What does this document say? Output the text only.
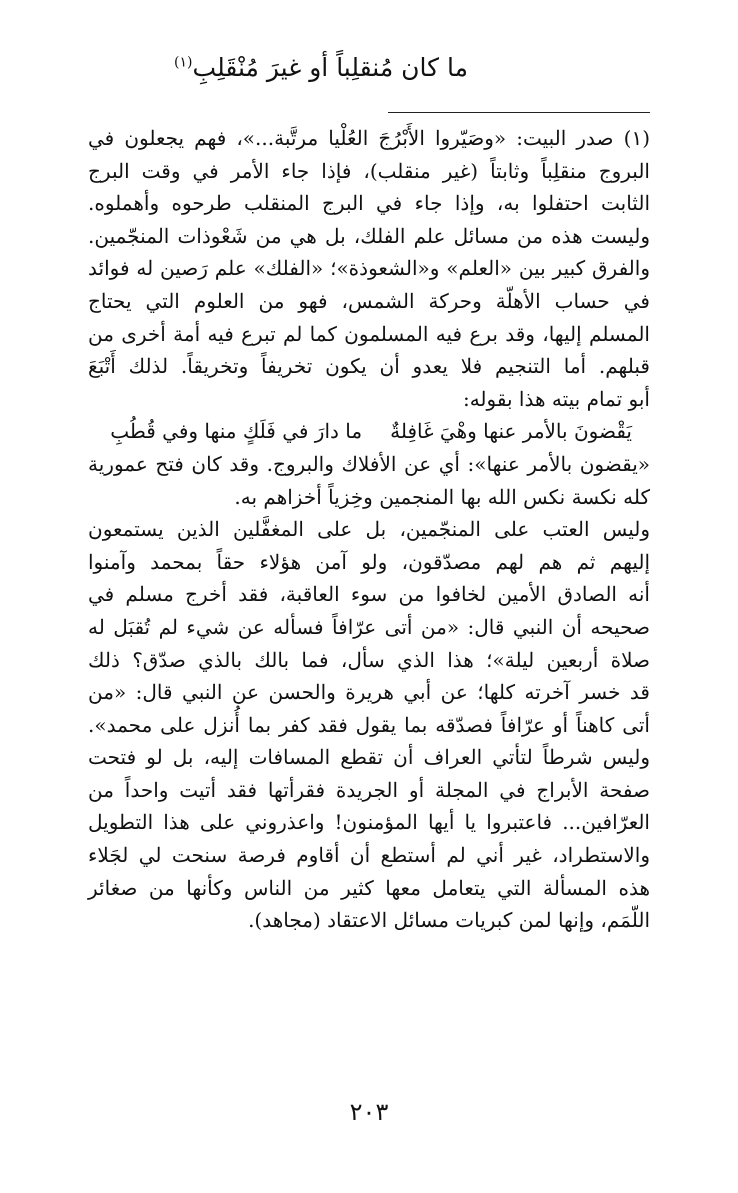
ما كان مُنقلِباً أو غيرَ مُنْقَلِبِ$^{(١)}$

(١) صدر البيت: «وصَيّروا الأَبْرُجَ العُلْيا مرتَّبة...»، فهم يجعلون في
البروج منقلِباً وثابتاً (غير منقلب)، فإذا جاء الأمر في وقت البرج
الثابت احتفلوا به، وإذا جاء في البرج المنقلب طرحوه وأهملوه.
وليست هذه من مسائل علم الفلك، بل هي من شَعْوذات المنجّمين.
والفرق كبير بين «العلم» و«الشعوذة»؛ «الفلك» علم رَصين له فوائد
في حساب الأهلّة وحركة الشمس، فهو من العلوم التي يحتاج
المسلم إليها، وقد برع فيه المسلمون كما لم تبرع فيه أمة أخرى من
قبلهم. أما التنجيم فلا يعدو أن يكون تخريفاً وتخريقاً. لذلك أَتْبَعَ
أبو تمام بيته هذا بقوله:

يَقْضونَ بالأمر عنها وهْيَ غَافِلةٌما دارَ في فَلَكٍ منها وفي قُطُبِ

«يقضون بالأمر عنها»: أي عن الأفلاك والبروج. وقد كان فتح عمورية
كله نكسة نكس الله بها المنجمين وخِزياً أخزاهم به.

وليس العتب على المنجّمين، بل على المغفَّلين الذين يستمعون
إليهم ثم هم لهم مصدّقون، ولو آمن هؤلاء حقاً بمحمد وآمنوا
أنه الصادق الأمين لخافوا من سوء العاقبة، فقد أخرج مسلم في
صحيحه أن النبي قال: «من أتى عرّافاً فسأله عن شيء لم تُقبَل له
صلاة أربعين ليلة»؛ هذا الذي سأل، فما بالك بالذي صدّق؟ ذلك
قد خسر آخرته كلها؛ عن أبي هريرة والحسن عن النبي قال: «من
أتى كاهناً أو عرّافاً فصدّقه بما يقول فقد كفر بما أُنزل على محمد».
وليس شرطاً لتأتي العراف أن تقطع المسافات إليه، بل لو فتحت
صفحة الأبراج في المجلة أو الجريدة فقرأتها فقد أتيت واحداً من
العرّافين... فاعتبروا يا أيها المؤمنون! واعذروني على هذا التطويل
والاستطراد، غير أني لم أستطع أن أقاوم فرصة سنحت لي لجَلاء
هذه المسألة التي يتعامل معها كثير من الناس وكأنها من صغائر
اللّمَم، وإنها لمن كبريات مسائل الاعتقاد (مجاهد).

٢٠٣
